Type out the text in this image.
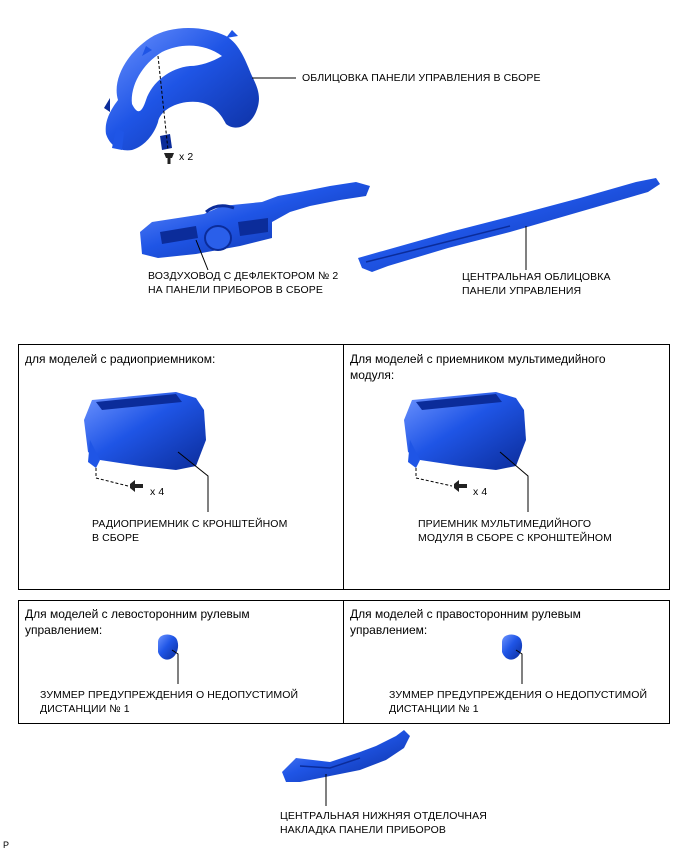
ОБЛИЦОВКА ПАНЕЛИ УПРАВЛЕНИЯ В СБОРЕ
x 2
ВОЗДУХОВОД С ДЕФЛЕКТОРОМ № 2
НА ПАНЕЛИ ПРИБОРОВ В СБОРЕ
ЦЕНТРАЛЬНАЯ ОБЛИЦОВКА
ПАНЕЛИ УПРАВЛЕНИЯ
для моделей с радиоприемником:
x 4
РАДИОПРИЕМНИК С КРОНШТЕЙНОМ
В СБОРЕ
Для моделей с приемником мультимедийного
модуля:
x 4
ПРИЕМНИК МУЛЬТИМЕДИЙНОГО
МОДУЛЯ В СБОРЕ С КРОНШТЕЙНОМ
Для моделей с левосторонним рулевым
управлением:
ЗУММЕР ПРЕДУПРЕЖДЕНИЯ О НЕДОПУСТИМОЙ
ДИСТАНЦИИ № 1
Для моделей с правосторонним рулевым
управлением:
ЗУММЕР ПРЕДУПРЕЖДЕНИЯ О НЕДОПУСТИМОЙ
ДИСТАНЦИИ № 1
ЦЕНТРАЛЬНАЯ НИЖНЯЯ ОТДЕЛОЧНАЯ
НАКЛАДКА ПАНЕЛИ ПРИБОРОВ
P
